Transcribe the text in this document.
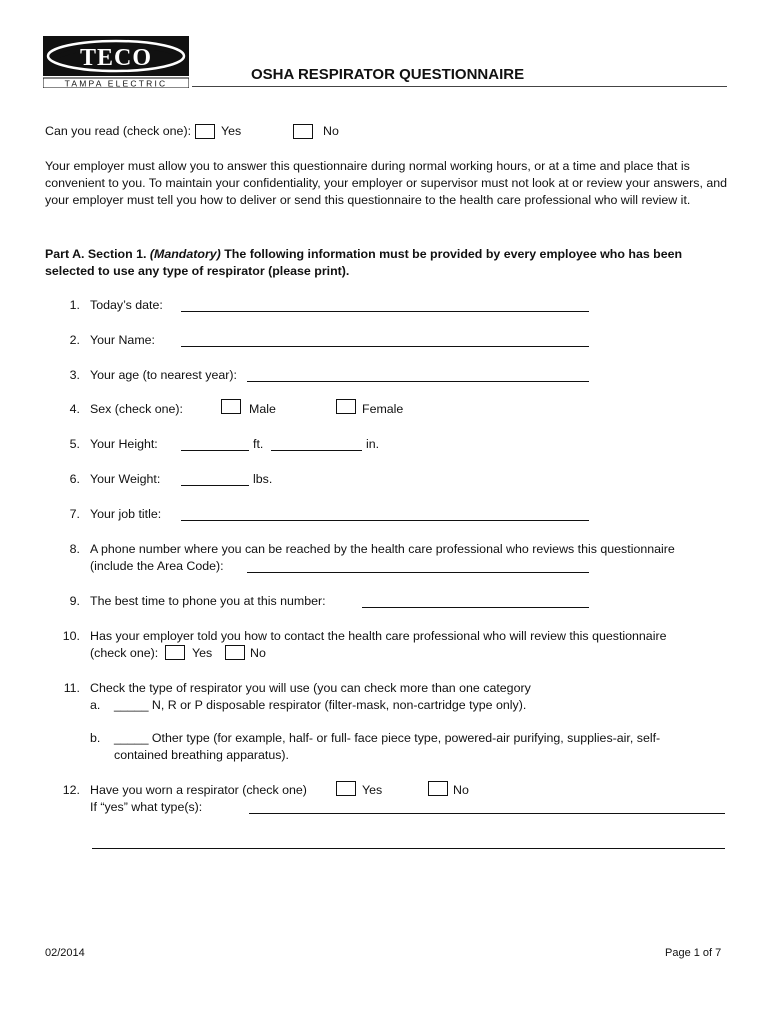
TECO
TAMPA ELECTRIC
OSHA RESPIRATOR QUESTIONNAIRE
Can you read (check one): Yes	No
Your employer must allow you to answer this questionnaire during normal working hours, or at a time and place that is convenient to you. To maintain your confidentiality, your employer or supervisor must not look at or review your answers, and your employer must tell you how to deliver or send this questionnaire to the health care professional who will review it.
Part A. Section 1. (Mandatory) The following information must be provided by every employee who has been selected to use any type of respirator (please print).
1. Today’s date:
2. Your Name:
3. Your age (to nearest year):
4. Sex (check one):	Male	Female
5. Your Height:	ft.	in.
6. Your Weight:	lbs.
7. Your job title:
8. A phone number where you can be reached by the health care professional who reviews this questionnaire
(include the Area Code):
9. The best time to phone you at this number:
10. Has your employer told you how to contact the health care professional who will review this questionnaire
(check one):	Yes	No
11. Check the type of respirator you will use (you can check more than one category
a. _____ N, R or P disposable respirator (filter-mask, non-cartridge type only).
b. _____ Other type (for example, half- or full- face piece type, powered-air purifying, supplies-air, self-
contained breathing apparatus).
12. Have you worn a respirator (check one)	Yes	No
If “yes” what type(s):
02/2014	Page 1 of 7
